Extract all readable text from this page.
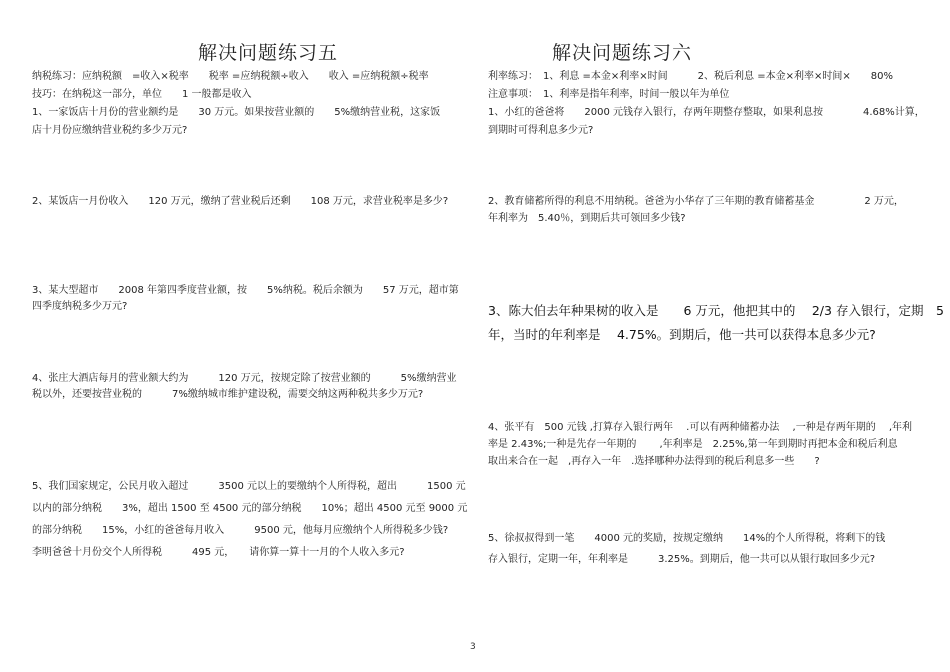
解决问题练习五
纳税练习：应纳税额　=收入×税率　　税率 =应纳税额÷收入　　收入 =应纳税额÷税率
技巧：在纳税这一部分，单位　　1 一般都是收入
1、一家饭店十月份的营业额约是　　30 万元。如果按营业额的　　5%缴纳营业税，这家饭
店十月份应缴纳营业税约多少万元?
2、某饭店一月份收入　　120 万元，缴纳了营业税后还剩　　108 万元，求营业税率是多少?
3、某大型超市　　2008 年第四季度营业额，按　　5%纳税。税后余额为　　57 万元，超市第
四季度纳税多少万元?
4、张庄大酒店每月的营业额大约为　　　120 万元，按规定除了按营业额的　　　5%缴纳营业
税以外，还要按营业税的　　　7%缴纳城市维护建设税，需要交纳这两种税共多少万元?
5、我们国家规定，公民月收入超过　　　3500 元以上的要缴纳个人所得税，超出　　　1500 元
以内的部分纳税　　3%，超出 1500 至 4500 元的部分纳税　　10%；超出 4500 元至 9000 元
的部分纳税　　15%，小红的爸爸每月收入　　　9500 元，他每月应缴纳个人所得税多少钱?
李明爸爸十月份交个人所得税　　　495 元，　　请你算一算十一月的个人收入多元?
解决问题练习六
利率练习：　1、利息 =本金×利率×时间　　　2、税后利息 =本金×利率×时间×　　80%
注意事项：　1、利率是指年利率，时间一般以年为单位
1、小红的爸爸将　　2000 元钱存入银行，存两年期整存整取，如果利息按　　　　4.68%计算，
到期时可得利息多少元?
2、教育储蓄所得的利息不用纳税。爸爸为小华存了三年期的教育储蓄基金　　　　　2 万元，
年利率为　5.40％，到期后共可领回多少钱?
3、陈大伯去年种果树的收入是　　6 万元，他把其中的　 2/3 存入银行，定期　5
年，当时的年利率是　 4.75%。到期后，他一共可以获得本息多少元?
4、张平有　500 元钱 ,打算存入银行两年　 .可以有两种储蓄办法　 ,一种是存两年期的　 ,年利
率是 2.43%;一种是先存一年期的　　 ,年利率是　2.25%,第一年到期时再把本金和税后利息
取出来合在一起　,再存入一年　.选择哪种办法得到的税后利息多一些　　?
5、徐叔叔得到一笔　　4000 元的奖励，按规定缴纳　　14%的个人所得税，将剩下的钱
存入银行，定期一年，年利率是　　　3.25%。到期后，他一共可以从银行取回多少元?
3
